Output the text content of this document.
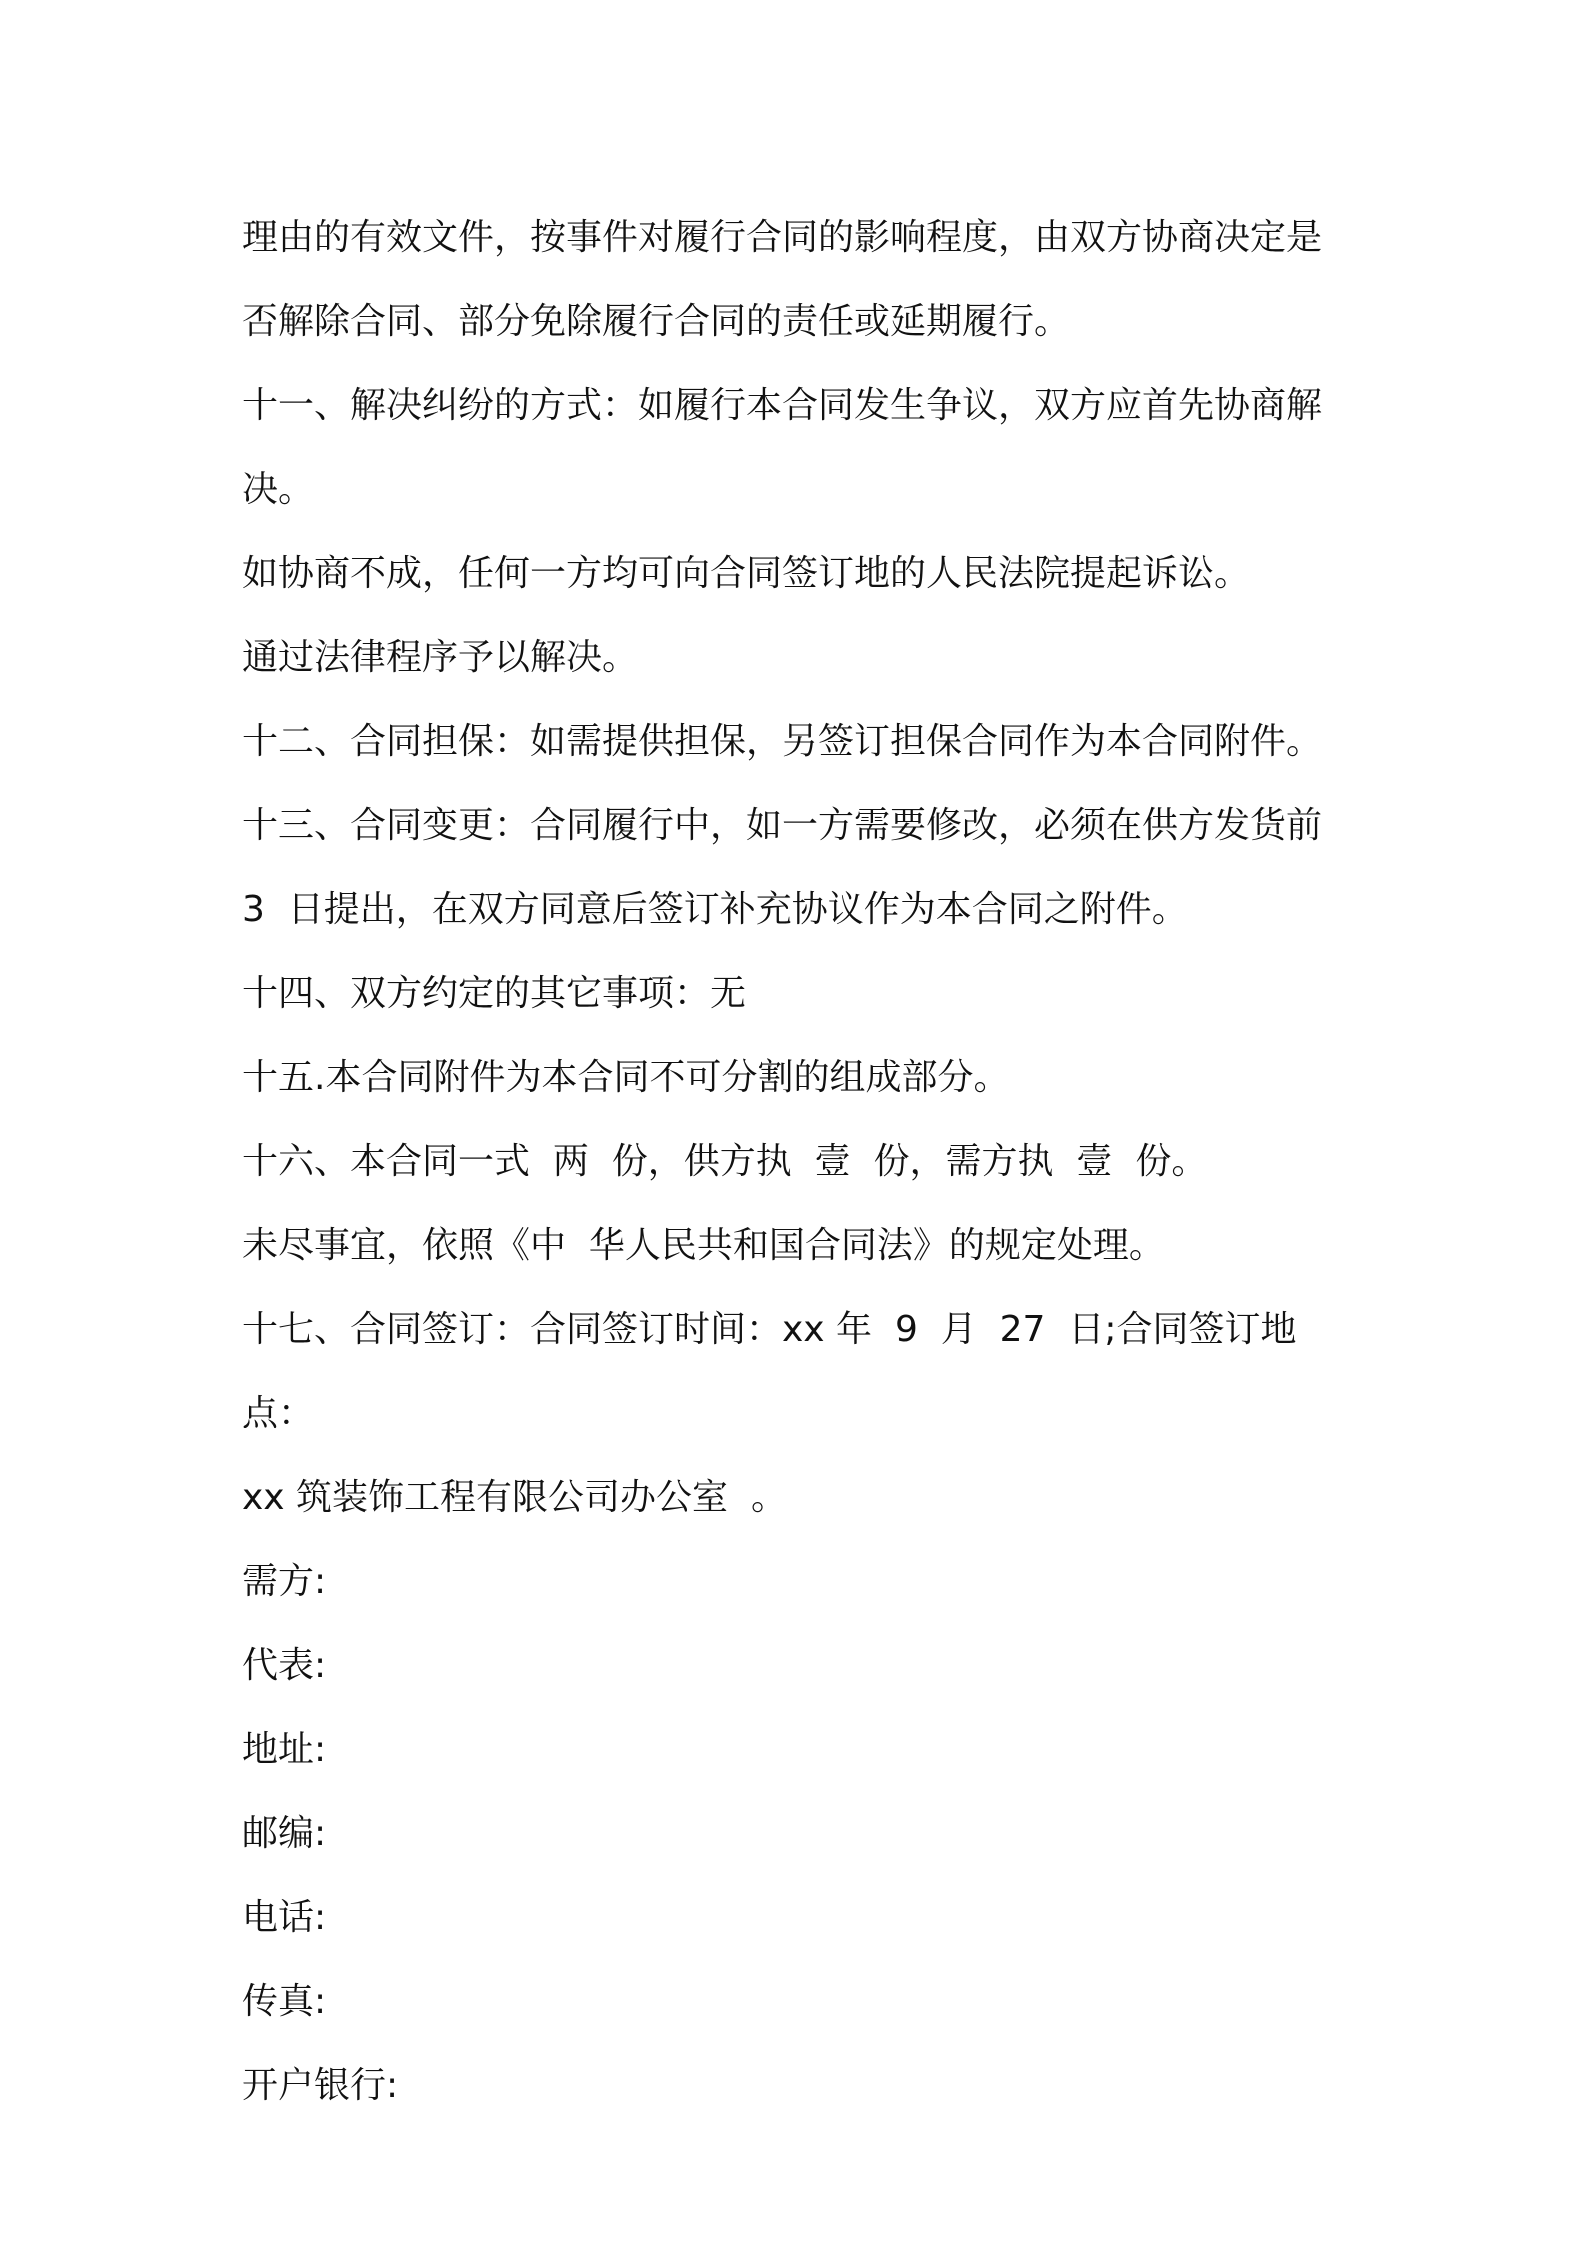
理由的有效文件，按事件对履行合同的影响程度，由双方协商决定是

否解除合同、部分免除履行合同的责任或延期履行。

十一、解决纠纷的方式：如履行本合同发生争议，双方应首先协商解

决。

如协商不成，任何一方均可向合同签订地的人民法院提起诉讼。

通过法律程序予以解决。

十二、合同担保：如需提供担保，另签订担保合同作为本合同附件。

十三、合同变更：合同履行中，如一方需要修改，必须在供方发货前

3  日提出，在双方同意后签订补充协议作为本合同之附件。

十四、双方约定的其它事项：无

十五.本合同附件为本合同不可分割的组成部分。

十六、本合同一式  两  份，供方执  壹  份，需方执  壹  份。

未尽事宜，依照《中  华人民共和国合同法》的规定处理。

十七、合同签订：合同签订时间：xx 年  9  月  27  日;合同签订地点：

xx 筑装饰工程有限公司办公室  。

需方:

代表:

地址:

邮编:

电话:

传真:

开户银行:
